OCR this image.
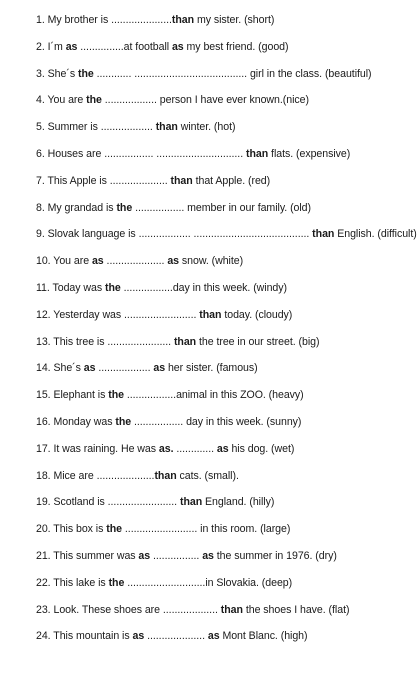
1. My brother is .....................than my sister. (short)
2. I´m as ...............at football as my best friend. (good)
3. She´s the ............ ....................................... girl in the class. (beautiful)
4. You are the .................. person I have ever known.(nice)
5. Summer is .................. than winter. (hot)
6. Houses are ................. .............................. than flats. (expensive)
7. This Apple is .................... than that Apple. (red)
8. My grandad is the ................. member in our family. (old)
9. Slovak language is .................. ........................................ than English. (difficult)
10. You are as .................... as snow. (white)
11. Today was the .................day in this week. (windy)
12. Yesterday was ......................... than today. (cloudy)
13. This tree is ...................... than the tree in our street. (big)
14. She´s as .................. as her sister. (famous)
15. Elephant is the .................animal in this ZOO. (heavy)
16. Monday was the ................. day in this week. (sunny)
17. It was raining. He was as. ............. as his dog. (wet)
18. Mice are ....................than cats. (small).
19. Scotland is ........................ than England. (hilly)
20. This box is the ......................... in this room. (large)
21. This summer was as ................ as the summer in 1976. (dry)
22. This lake is the ...........................in Slovakia. (deep)
23. Look. These shoes are ................... than the shoes I have. (flat)
24. This mountain is as .................... as Mont Blanc. (high)
